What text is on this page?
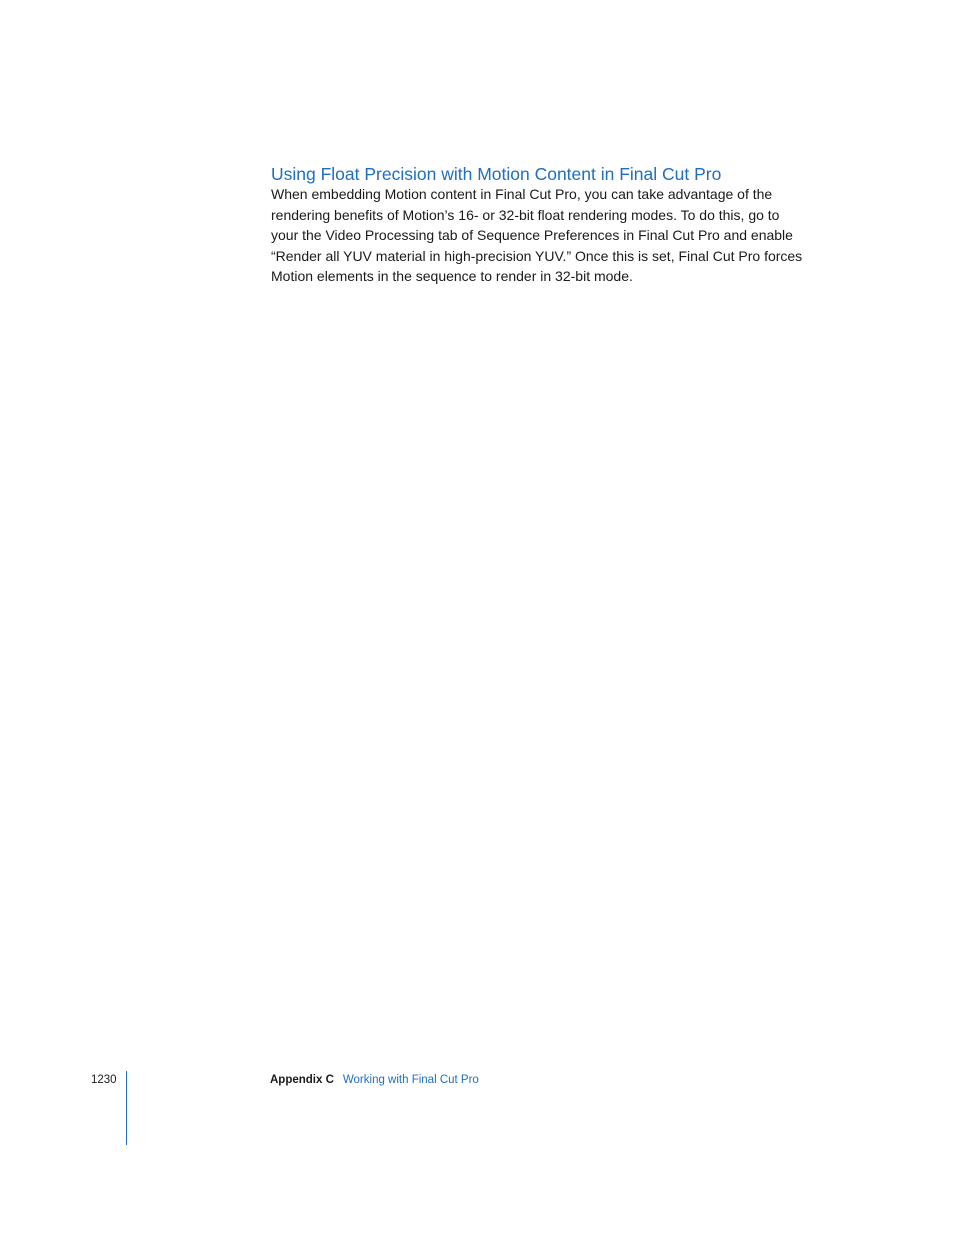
Using Float Precision with Motion Content in Final Cut Pro

When embedding Motion content in Final Cut Pro, you can take advantage of the
rendering benefits of Motion’s 16- or 32-bit float rendering modes. To do this, go to
your the Video Processing tab of Sequence Preferences in Final Cut Pro and enable
“Render all YUV material in high-precision YUV.” Once this is set, Final Cut Pro forces
Motion elements in the sequence to render in 32-bit mode.

1230	Appendix C Working with Final Cut Pro
